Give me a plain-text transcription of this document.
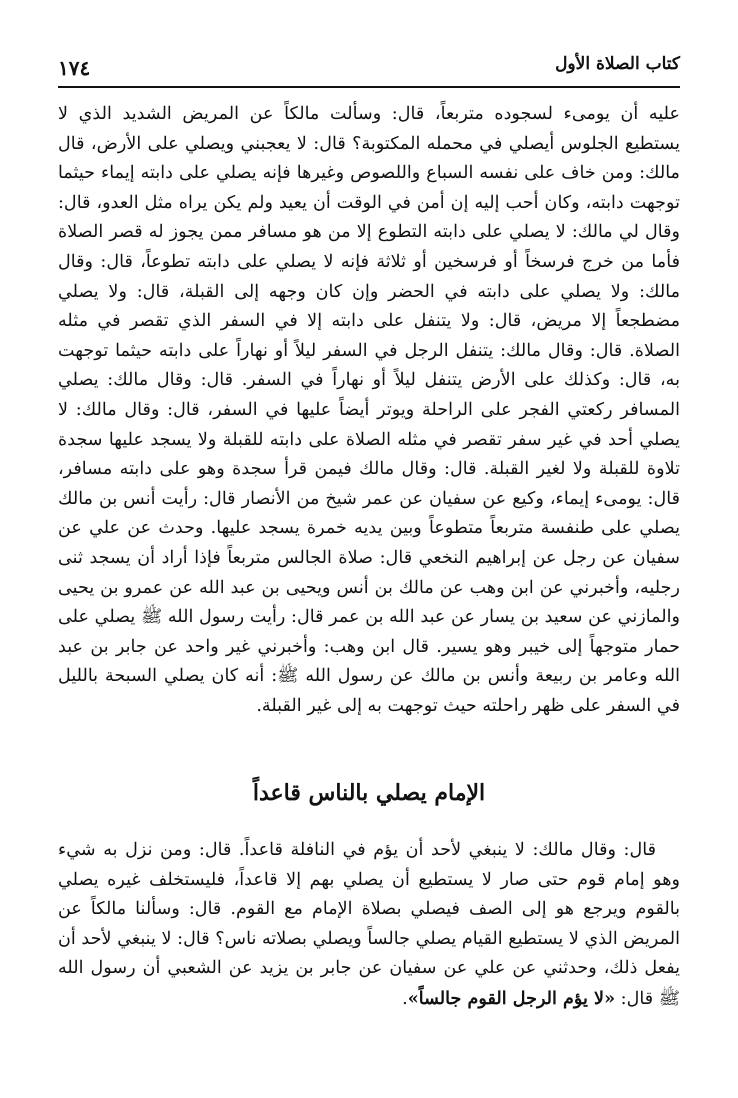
كتاب الصلاة الأول
١٧٤

عليه أن يومىء لسجوده متربعاً، قال: وسألت مالكاً عن المريض الشديد الذي لا يستطيع الجلوس أيصلي في محمله المكتوبة؟ قال: لا يعجبني ويصلي على الأرض، قال مالك: ومن خاف على نفسه السباع واللصوص وغيرها فإنه يصلي على دابته إيماء حيثما توجهت دابته، وكان أحب إليه إن أمن في الوقت أن يعيد ولم يكن يراه مثل العدو، قال: وقال لي مالك: لا يصلي على دابته التطوع إلا من هو مسافر ممن يجوز له قصر الصلاة فأما من خرج فرسخاً أو فرسخين أو ثلاثة فإنه لا يصلي على دابته تطوعاً، قال: وقال مالك: ولا يصلي على دابته في الحضر وإن كان وجهه إلى القبلة، قال: ولا يصلي مضطجعاً إلا مريض، قال: ولا يتنفل على دابته إلا في السفر الذي تقصر في مثله الصلاة. قال: وقال مالك: يتنفل الرجل في السفر ليلاً أو نهاراً على دابته حيثما توجهت به، قال: وكذلك على الأرض يتنفل ليلاً أو نهاراً في السفر. قال: وقال مالك: يصلي المسافر ركعتي الفجر على الراحلة ويوتر أيضاً عليها في السفر، قال: وقال مالك: لا يصلي أحد في غير سفر تقصر في مثله الصلاة على دابته للقبلة ولا يسجد عليها سجدة تلاوة للقبلة ولا لغير القبلة. قال: وقال مالك فيمن قرأ سجدة وهو على دابته مسافر، قال: يومىء إيماء، وكيع عن سفيان عن عمر شيخ من الأنصار قال: رأيت أنس بن مالك يصلي على طنفسة متربعاً متطوعاً وبين يديه خمرة يسجد عليها. وحدث عن علي عن سفيان عن رجل عن إبراهيم النخعي قال: صلاة الجالس متربعاً فإذا أراد أن يسجد ثنى رجليه، وأخبرني عن ابن وهب عن مالك بن أنس ويحيى بن عبد الله عن عمرو بن يحيى والمازني عن سعيد بن يسار عن عبد الله بن عمر قال: رأيت رسول الله ﷺ يصلي على حمار متوجهاً إلى خيبر وهو يسير. قال ابن وهب: وأخبرني غير واحد عن جابر بن عبد الله وعامر بن ربيعة وأنس بن مالك عن رسول الله ﷺ: أنه كان يصلي السبحة بالليل في السفر على ظهر راحلته حيث توجهت به إلى غير القبلة.

الإمام يصلي بالناس قاعداً

قال: وقال مالك: لا ينبغي لأحد أن يؤم في النافلة قاعداً. قال: ومن نزل به شيء وهو إمام قوم حتى صار لا يستطيع أن يصلي بهم إلا قاعداً، فليستخلف غيره يصلي بالقوم ويرجع هو إلى الصف فيصلي بصلاة الإمام مع القوم. قال: وسألنا مالكاً عن المريض الذي لا يستطيع القيام يصلي جالساً ويصلي بصلاته ناس؟ قال: لا ينبغي لأحد أن يفعل ذلك، وحدثني عن علي عن سفيان عن جابر بن يزيد عن الشعبي أن رسول الله ﷺ قال: «لا يؤم الرجل القوم جالساً».
